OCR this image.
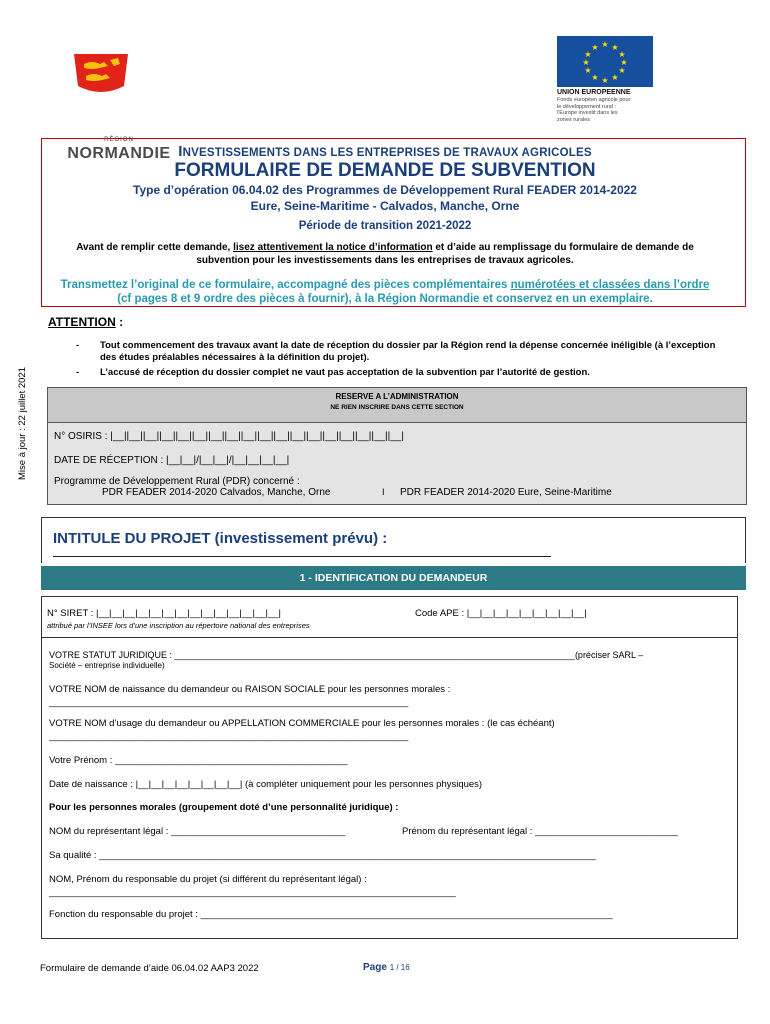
RÉGION
NORMANDIE
★ ★
★
★
★
★
★
★
★
★
★
★
UNION EUROPEENNE
Fonds européen agricole pour
le développement rural :
l'Europe investit dans les
zones rurales
INVESTISSEMENTS DANS LES ENTREPRISES DE TRAVAUX AGRICOLES
FORMULAIRE DE DEMANDE DE SUBVENTION
Type d’opération 06.04.02 des Programmes de Développement Rural FEADER 2014-2022
Eure, Seine-Maritime - Calvados, Manche, Orne
Période de transition 2021-2022
Avant de remplir cette demande, lisez attentivement la notice d’information et d’aide au remplissage du formulaire de demande de subvention pour les investissements dans les entreprises de travaux agricoles.
Transmettez l’original de ce formulaire, accompagné des pièces complémentaires numérotées et classées dans l’ordre (cf pages 8 et 9 ordre des pièces à fournir), à la Région Normandie et conservez en un exemplaire.
ATTENTION :
- Tout commencement des travaux avant la date de réception du dossier par la Région rend la dépense concernée inéligible (à l’exception des études préalables nécessaires à la définition du projet).
- L’accusé de réception du dossier complet ne vaut pas acceptation de la subvention par l’autorité de gestion.
Mise à jour : 22 juillet 2021	RESERVE A L’ADMINISTRATION
NE RIEN INSCRIRE DANS CETTE SECTION
N° OSIRIS : |__||__||__||__||__||__||__||__||__||__||__||__||__||__||__||__||__||__|
DATE DE RÉCEPTION : |__|__|/|__|__|/|__|__|__|__|
Programme de Développement Rural (PDR) concerné :
PDR FEADER 2014-2020 Calvados, Manche, Orne	I PDR FEADER 2014-2020 Eure, Seine-Maritime
INTITULE DU PROJET (investissement prévu) :
1 - IDENTIFICATION DU DEMANDEUR
N° SIRET : |__|__|__|__|__|__|__|__|__|__|__|__|__|__|
attribué par l’INSEE lors d’une inscription au répertoire national des entreprises
Code APE : |__|__|__|__|__|__|__|__|__|
VOTRE STATUT JURIDIQUE : ________________________________________________________________________________(préciser SARL –
Société – entreprise individuelle)
VOTRE NOM de naissance du demandeur ou RAISON SOCIALE pour les personnes morales :
____________________________________________________________________
VOTRE NOM d’usage du demandeur ou APPELLATION COMMERCIALE pour les personnes morales : (le cas échéant)
____________________________________________________________________
Votre Prénom : ____________________________________________
Date de naissance : |__|__|__|__|__|__|__|__| (à compléter uniquement pour les personnes physiques)
Pour les personnes morales (groupement doté d’une personnalité juridique) :
NOM du représentant légal : _________________________________	Prénom du représentant légal : ___________________________
Sa qualité : ______________________________________________________________________________________________
NOM, Prénom du responsable du projet (si différent du représentant légal) :
_____________________________________________________________________________
Fonction du responsable du projet : ______________________________________________________________________________
Formulaire de demande d’aide 06.04.02 AAP3 2022	Page 1 / 16
